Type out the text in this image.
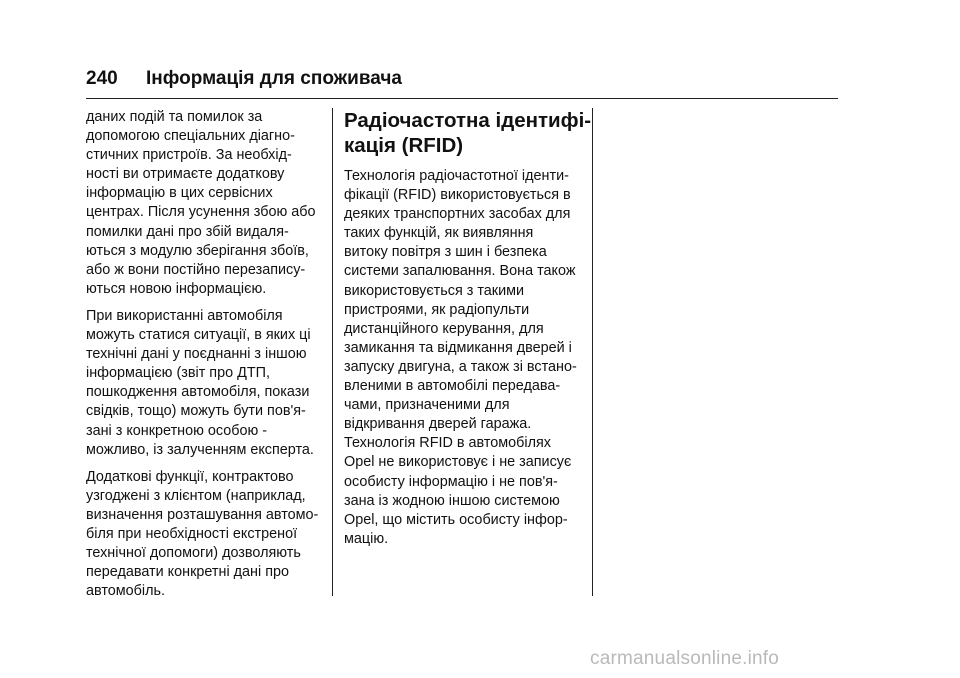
240 Інформація для споживача

даних подій та помилок за
допомогою спеціальних діагно-
стичних пристроїв. За необхід-
ності ви отримаєте додаткову
інформацію в цих сервісних
центрах. Після усунення збою або
помилки дані про збій видаля-
ються з модулю зберігання збоїв,
або ж вони постійно перезапису-
ються новою інформацією.

При використанні автомобіля
можуть статися ситуації, в яких ці
технічні дані у поєднанні з іншою
інформацією (звіт про ДТП,
пошкодження автомобіля, покази
свідків, тощо) можуть бути пов'я-
зані з конкретною особою -
можливо, із залученням експерта.

Додаткові функції, контрактово
узгоджені з клієнтом (наприклад,
визначення розташування автомо-
біля при необхідності екстреної
технічної допомоги) дозволяють
передавати конкретні дані про
автомобіль.

Радіочастотна ідентифі-
кація (RFID)

Технологія радіочастотної іденти-
фікації (RFID) використовується в
деяких транспортних засобах для
таких функцій, як виявляння
витоку повітря з шин і безпека
системи запалювання. Вона також
використовується з такими
пристроями, як радіопульти
дистанційного керування, для
замикання та відмикання дверей і
запуску двигуна, а також зі встано-
вленими в автомобілі передава-
чами, призначеними для
відкривання дверей гаража.
Технологія RFID в автомобілях
Opel не використовує і не записує
особисту інформацію і не пов'я-
зана із жодною іншою системою
Opel, що містить особисту інфор-
мацію.

carmanualsonline.info
